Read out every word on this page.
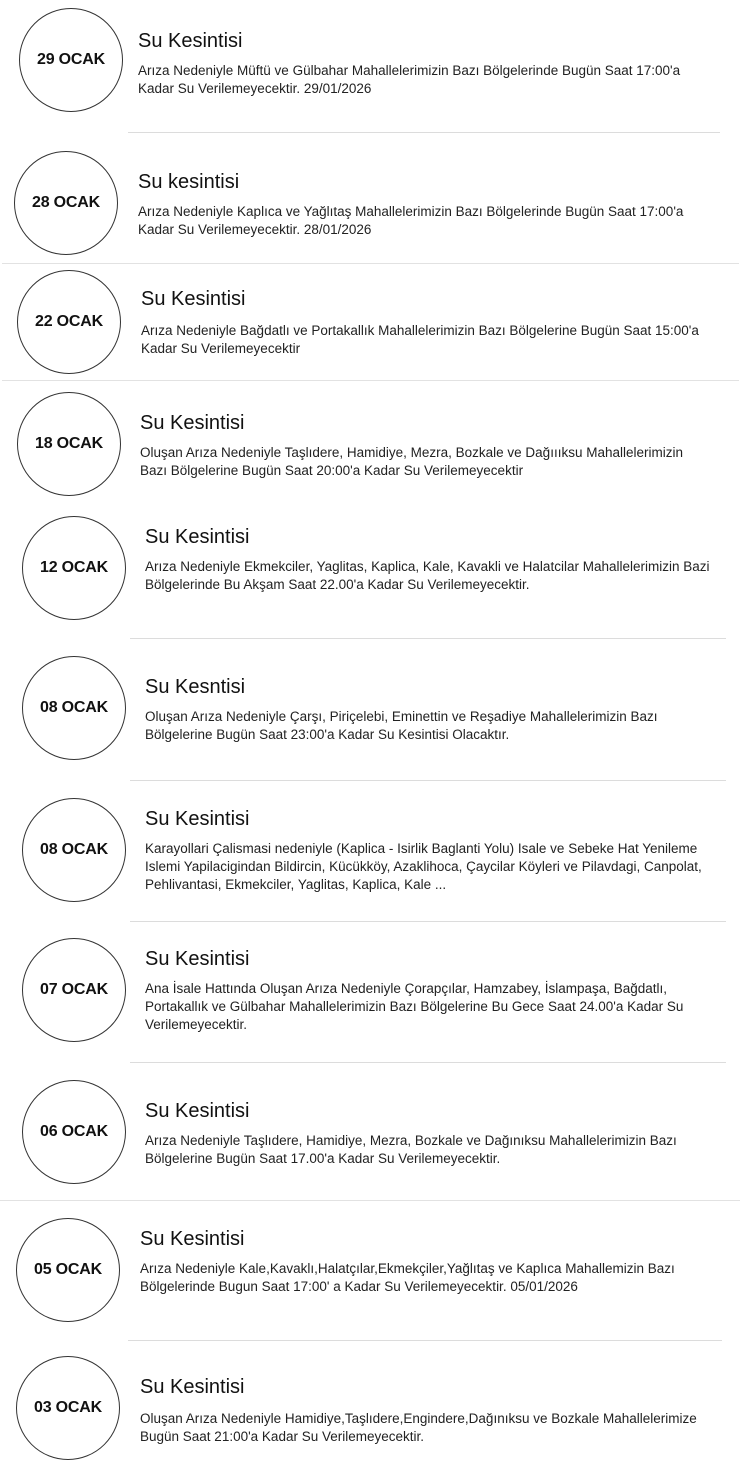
29 OCAK
Su Kesintisi
Arıza Nedeniyle Müftü ve Gülbahar Mahallelerimizin Bazı Bölgelerinde Bugün Saat 17:00'a Kadar Su Verilemeyecektir. 29/01/2026
28 OCAK
Su kesintisi
Arıza Nedeniyle Kaplıca ve Yağlıtaş Mahallelerimizin Bazı Bölgelerinde Bugün Saat 17:00'a Kadar Su Verilemeyecektir. 28/01/2026
22 OCAK
Su Kesintisi
Arıza Nedeniyle Bağdatlı ve Portakallık Mahallelerimizin Bazı Bölgelerine Bugün Saat 15:00'a Kadar Su Verilemeyecektir
18 OCAK
Su Kesintisi
Oluşan Arıza Nedeniyle Taşlıdere, Hamidiye, Mezra, Bozkale ve Dağıııksu Mahallelerimizin Bazı Bölgelerine Bugün Saat 20:00'a Kadar Su Verilemeyecektir
12 OCAK
Su Kesintisi
Arıza Nedeniyle Ekmekciler, Yaglitas, Kaplica, Kale, Kavakli ve Halatcilar Mahallelerimizin Bazi Bölgelerinde Bu Akşam Saat 22.00'a Kadar Su Verilemeyecektir.
08 OCAK
Su Kesntisi
Oluşan Arıza Nedeniyle Çarşı, Piriçelebi, Eminettin ve Reşadiye Mahallelerimizin Bazı Bölgelerine Bugün Saat 23:00'a Kadar Su Kesintisi Olacaktır.
08 OCAK
Su Kesintisi
Karayollari Çalismasi nedeniyle (Kaplica - Isirlik Baglanti Yolu) Isale ve Sebeke Hat Yenileme Islemi Yapilacigindan Bildircin, Kücükköy, Azaklihoca, Çaycilar Köyleri ve Pilavdagi, Canpolat, Pehlivantasi, Ekmekciler, Yaglitas, Kaplica, Kale ...
07 OCAK
Su Kesintisi
Ana İsale Hattında Oluşan Arıza Nedeniyle Çorapçılar, Hamzabey, İslampaşa, Bağdatlı, Portakallık ve Gülbahar Mahallelerimizin Bazı Bölgelerine Bu Gece Saat 24.00'a Kadar Su Verilemeyecektir.
06 OCAK
Su Kesintisi
Arıza Nedeniyle Taşlıdere, Hamidiye, Mezra, Bozkale ve Dağınıksu Mahallelerimizin Bazı Bölgelerine Bugün Saat 17.00'a Kadar Su Verilemeyecektir.
05 OCAK
Su Kesintisi
Arıza Nedeniyle Kale,Kavaklı,Halatçılar,Ekmekçiler,Yağlıtaş ve Kaplıca Mahallemizin Bazı Bölgelerinde Bugun Saat 17:00' a Kadar Su Verilemeyecektir. 05/01/2026
03 OCAK
Su Kesintisi
Oluşan Arıza Nedeniyle Hamidiye,Taşlıdere,Engindere,Dağınıksu ve Bozkale Mahallelerimize Bugün Saat 21:00'a Kadar Su Verilemeyecektir.
